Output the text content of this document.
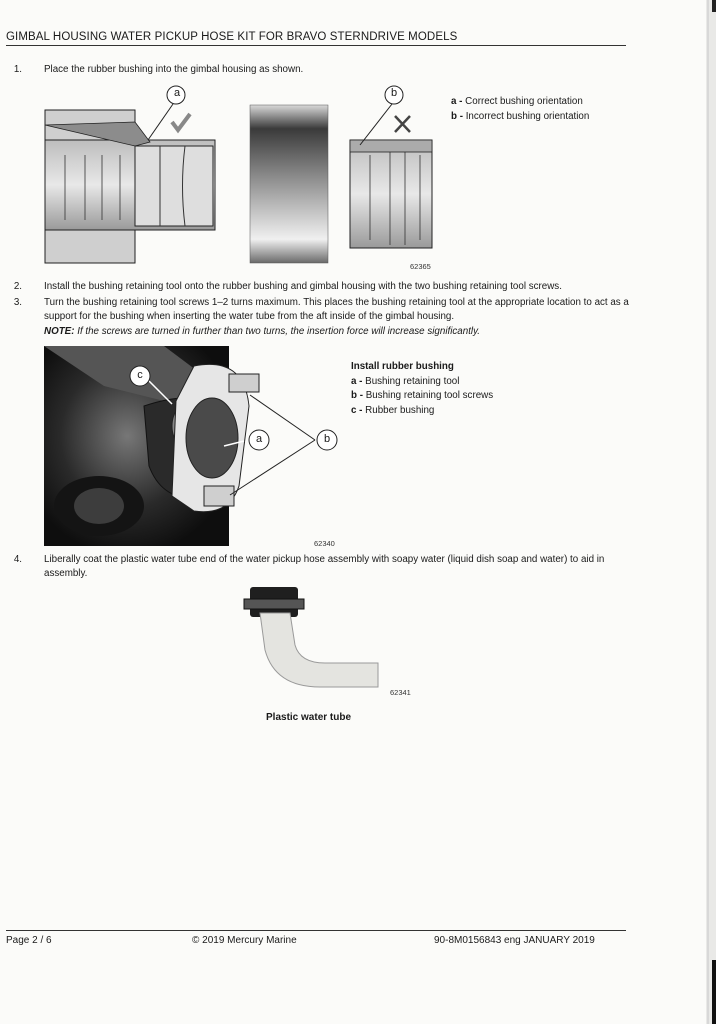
GIMBAL HOUSING WATER PICKUP HOSE KIT FOR BRAVO STERNDRIVE MODELS
1. Place the rubber bushing into the gimbal housing as shown.
a	b
62365
a - Correct bushing orientation
b - Incorrect bushing orientation
2. Install the bushing retaining tool onto the rubber bushing and gimbal housing with the two bushing retaining tool screws.
3. Turn the bushing retaining tool screws 1–2 turns maximum. This places the bushing retaining tool at the appropriate location to act as a support for the bushing when inserting the water tube from the aft inside of the gimbal housing.
NOTE: If the screws are turned in further than two turns, the insertion force will increase significantly.
c
a	b
62340
Install rubber bushing
a - Bushing retaining tool
b - Bushing retaining tool screws
c - Rubber bushing
4. Liberally coat the plastic water tube end of the water pickup hose assembly with soapy water (liquid dish soap and water) to aid in assembly.
62341
Plastic water tube
Page 2 / 6	© 2019 Mercury Marine	90-8M0156843 eng JANUARY 2019
